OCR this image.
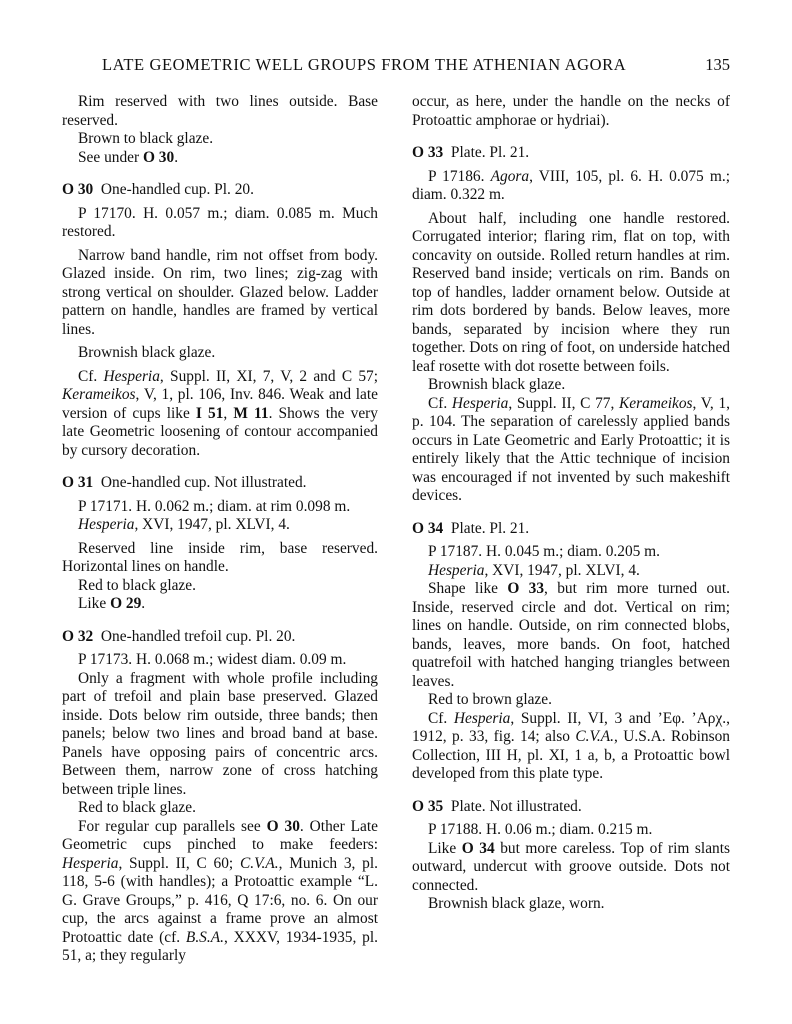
LATE GEOMETRIC WELL GROUPS FROM THE ATHENIAN AGORA	135

Rim reserved with two lines outside. Base reserved.

Brown to black glaze.

See under O 30.

O 30 One-handled cup. Pl. 20.

P 17170. H. 0.057 m.; diam. 0.085 m. Much restored.

Narrow band handle, rim not offset from body. Glazed inside. On rim, two lines; zig-zag with strong vertical on shoulder. Glazed below. Ladder pattern on handle, handles are framed by vertical lines.

Brownish black glaze.

Cf. Hesperia, Suppl. II, XI, 7, V, 2 and C 57; Kerameikos, V, 1, pl. 106, Inv. 846. Weak and late version of cups like I 51, M 11. Shows the very late Geometric loosening of contour accompanied by cursory decoration.

O 31 One-handled cup. Not illustrated.

P 17171. H. 0.062 m.; diam. at rim 0.098 m.

Hesperia, XVI, 1947, pl. XLVI, 4.

Reserved line inside rim, base reserved. Horizontal lines on handle.

Red to black glaze.

Like O 29.

O 32 One-handled trefoil cup. Pl. 20.

P 17173. H. 0.068 m.; widest diam. 0.09 m.

Only a fragment with whole profile including part of trefoil and plain base preserved. Glazed inside. Dots below rim outside, three bands; then panels; below two lines and broad band at base. Panels have opposing pairs of concentric arcs. Between them, narrow zone of cross hatching between triple lines.

Red to black glaze.

For regular cup parallels see O 30. Other Late Geometric cups pinched to make feeders: Hesperia, Suppl. II, C 60; C.V.A., Munich 3, pl. 118, 5-6 (with handles); a Protoattic example “L. G. Grave Groups,” p. 416, Q 17:6, no. 6. On our cup, the arcs against a frame prove an almost Protoattic date (cf. B.S.A., XXXV, 1934-1935, pl. 51, a; they regularly

occur, as here, under the handle on the necks of Protoattic amphorae or hydriai).

O 33 Plate. Pl. 21.

P 17186. Agora, VIII, 105, pl. 6. H. 0.075 m.; diam. 0.322 m.

About half, including one handle restored. Corrugated interior; flaring rim, flat on top, with concavity on outside. Rolled return handles at rim. Reserved band inside; verticals on rim. Bands on top of handles, ladder ornament below. Outside at rim dots bordered by bands. Below leaves, more bands, separated by incision where they run together. Dots on ring of foot, on underside hatched leaf rosette with dot rosette between foils.

Brownish black glaze.

Cf. Hesperia, Suppl. II, C 77, Kerameikos, V, 1, p. 104. The separation of carelessly applied bands occurs in Late Geometric and Early Protoattic; it is entirely likely that the Attic technique of incision was encouraged if not invented by such makeshift devices.

O 34 Plate. Pl. 21.

P 17187. H. 0.045 m.; diam. 0.205 m.

Hesperia, XVI, 1947, pl. XLVI, 4.

Shape like O 33, but rim more turned out. Inside, reserved circle and dot. Vertical on rim; lines on handle. Outside, on rim connected blobs, bands, leaves, more bands. On foot, hatched quatrefoil with hatched hanging triangles between leaves.

Red to brown glaze.

Cf. Hesperia, Suppl. II, VI, 3 and ’Εφ. ’Αρχ., 1912, p. 33, fig. 14; also C.V.A., U.S.A. Robinson Collection, III H, pl. XI, 1 a, b, a Protoattic bowl developed from this plate type.

O 35 Plate. Not illustrated.

P 17188. H. 0.06 m.; diam. 0.215 m.

Like O 34 but more careless. Top of rim slants outward, undercut with groove outside. Dots not connected.

Brownish black glaze, worn.
